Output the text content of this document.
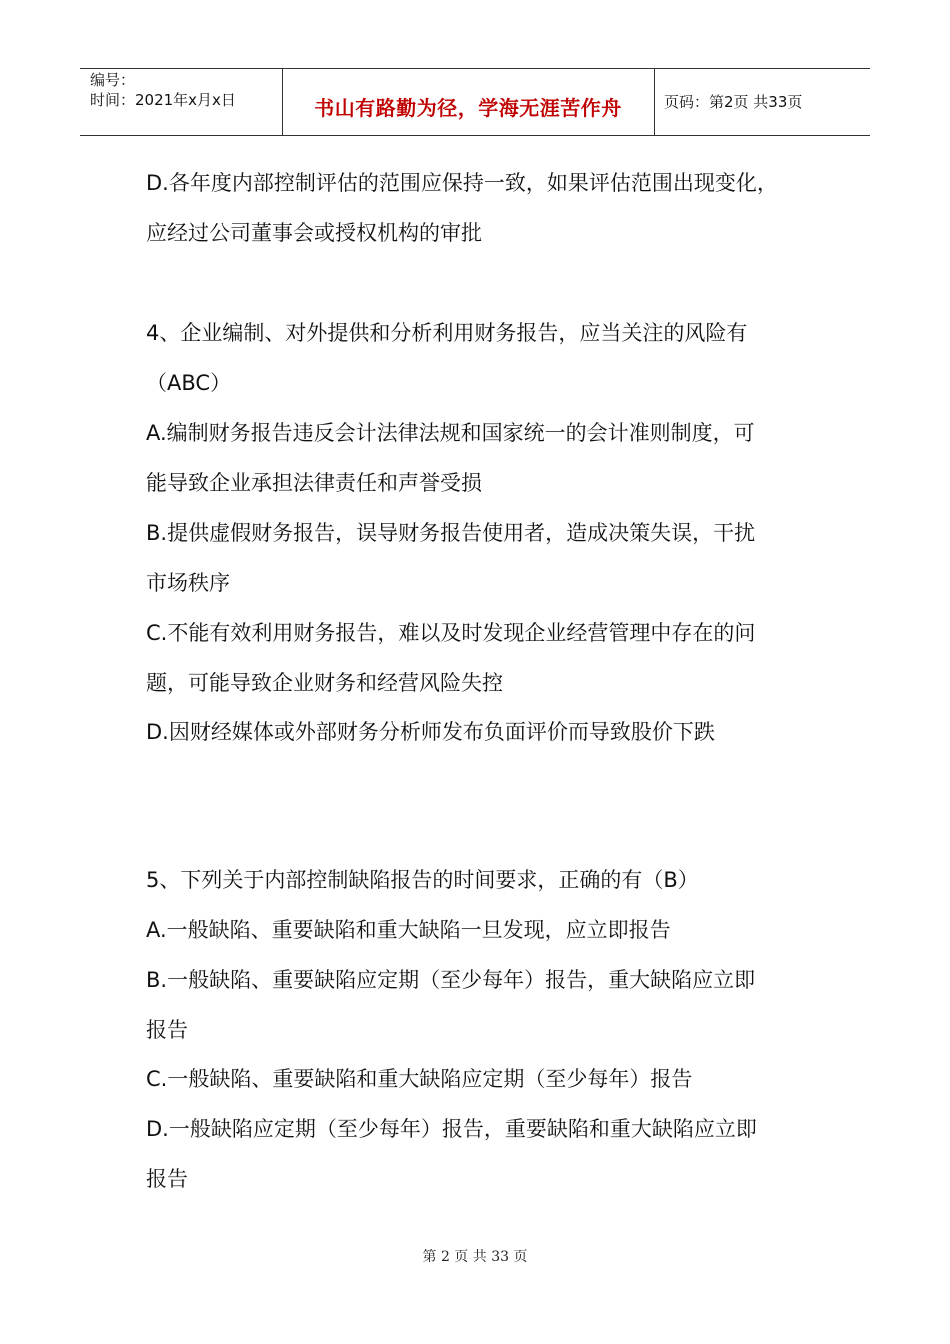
编号：
时间：2021年x月x日	书山有路勤为径，学海无涯苦作舟	页码：第2页 共33页
D.各年度内部控制评估的范围应保持一致，如果评估范围出现变化，
应经过公司董事会或授权机构的审批
4、企业编制、对外提供和分析利用财务报告，应当关注的风险有
（ABC）
A.编制财务报告违反会计法律法规和国家统一的会计准则制度，可
能导致企业承担法律责任和声誉受损
B.提供虚假财务报告，误导财务报告使用者，造成决策失误，干扰
市场秩序
C.不能有效利用财务报告，难以及时发现企业经营管理中存在的问
题，可能导致企业财务和经营风险失控
D.因财经媒体或外部财务分析师发布负面评价而导致股价下跌
5、下列关于内部控制缺陷报告的时间要求，正确的有（B）
A.一般缺陷、重要缺陷和重大缺陷一旦发现，应立即报告
B.一般缺陷、重要缺陷应定期（至少每年）报告，重大缺陷应立即
报告
C.一般缺陷、重要缺陷和重大缺陷应定期（至少每年）报告
D.一般缺陷应定期（至少每年）报告，重要缺陷和重大缺陷应立即
报告
第 2 页 共 33 页
